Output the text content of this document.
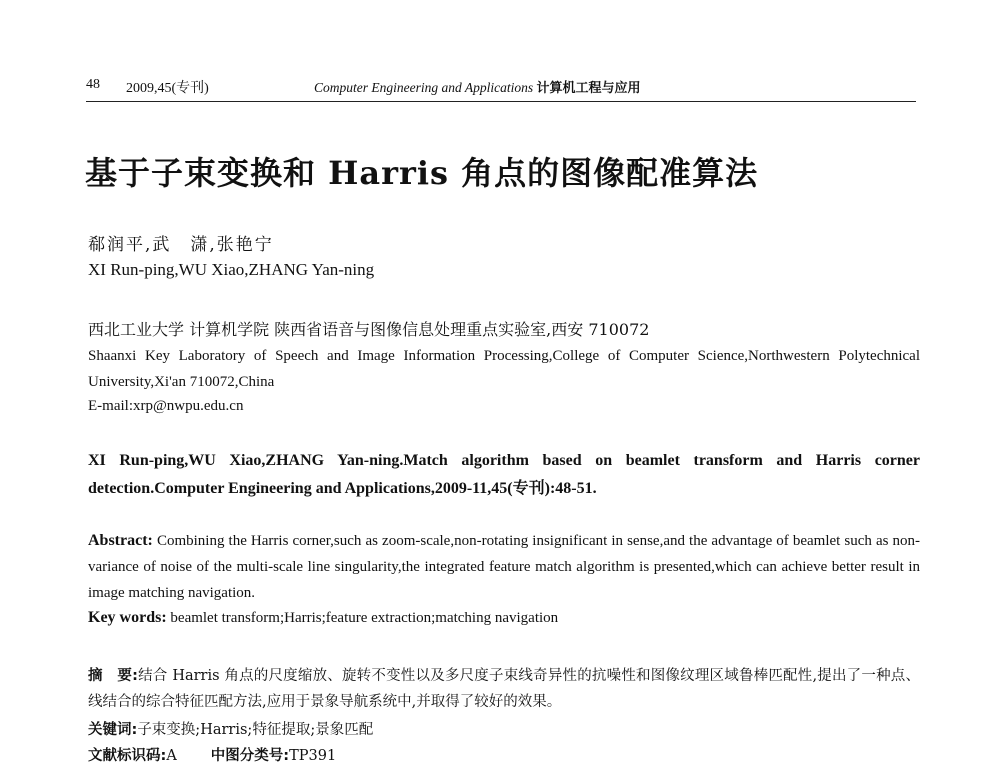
48 2009,45(专刊)	Computer Engineering and Applications 计算机工程与应用
基于子束变换和 Harris 角点的图像配准算法
郗润平,武　潇,张艳宁
XI Run-ping,WU Xiao,ZHANG Yan-ning
西北工业大学 计算机学院 陕西省语音与图像信息处理重点实验室,西安 710072
Shaanxi Key Laboratory of Speech and Image Information Processing,College of Computer Science,Northwestern Polytechnical University,Xi'an 710072,China
E-mail:xrp@nwpu.edu.cn
XI Run-ping,WU Xiao,ZHANG Yan-ning.Match algorithm based on beamlet transform and Harris corner detection.Computer Engineering and Applications,2009-11,45(专刊):48-51.
Abstract: Combining the Harris corner,such as zoom-scale,non-rotating insignificant in sense,and the advantage of beamlet such as non-variance of noise of the multi-scale line singularity,the integrated feature match algorithm is presented,which can achieve better result in image matching navigation.
Key words: beamlet transform;Harris;feature extraction;matching navigation
摘　要:结合 Harris 角点的尺度缩放、旋转不变性以及多尺度子束线奇异性的抗噪性和图像纹理区域鲁棒匹配性,提出了一种点、线结合的综合特征匹配方法,应用于景象导航系统中,并取得了较好的效果。
关键词:子束变换;Harris;特征提取;景象匹配
文献标识码:A 中图分类号:TP391
